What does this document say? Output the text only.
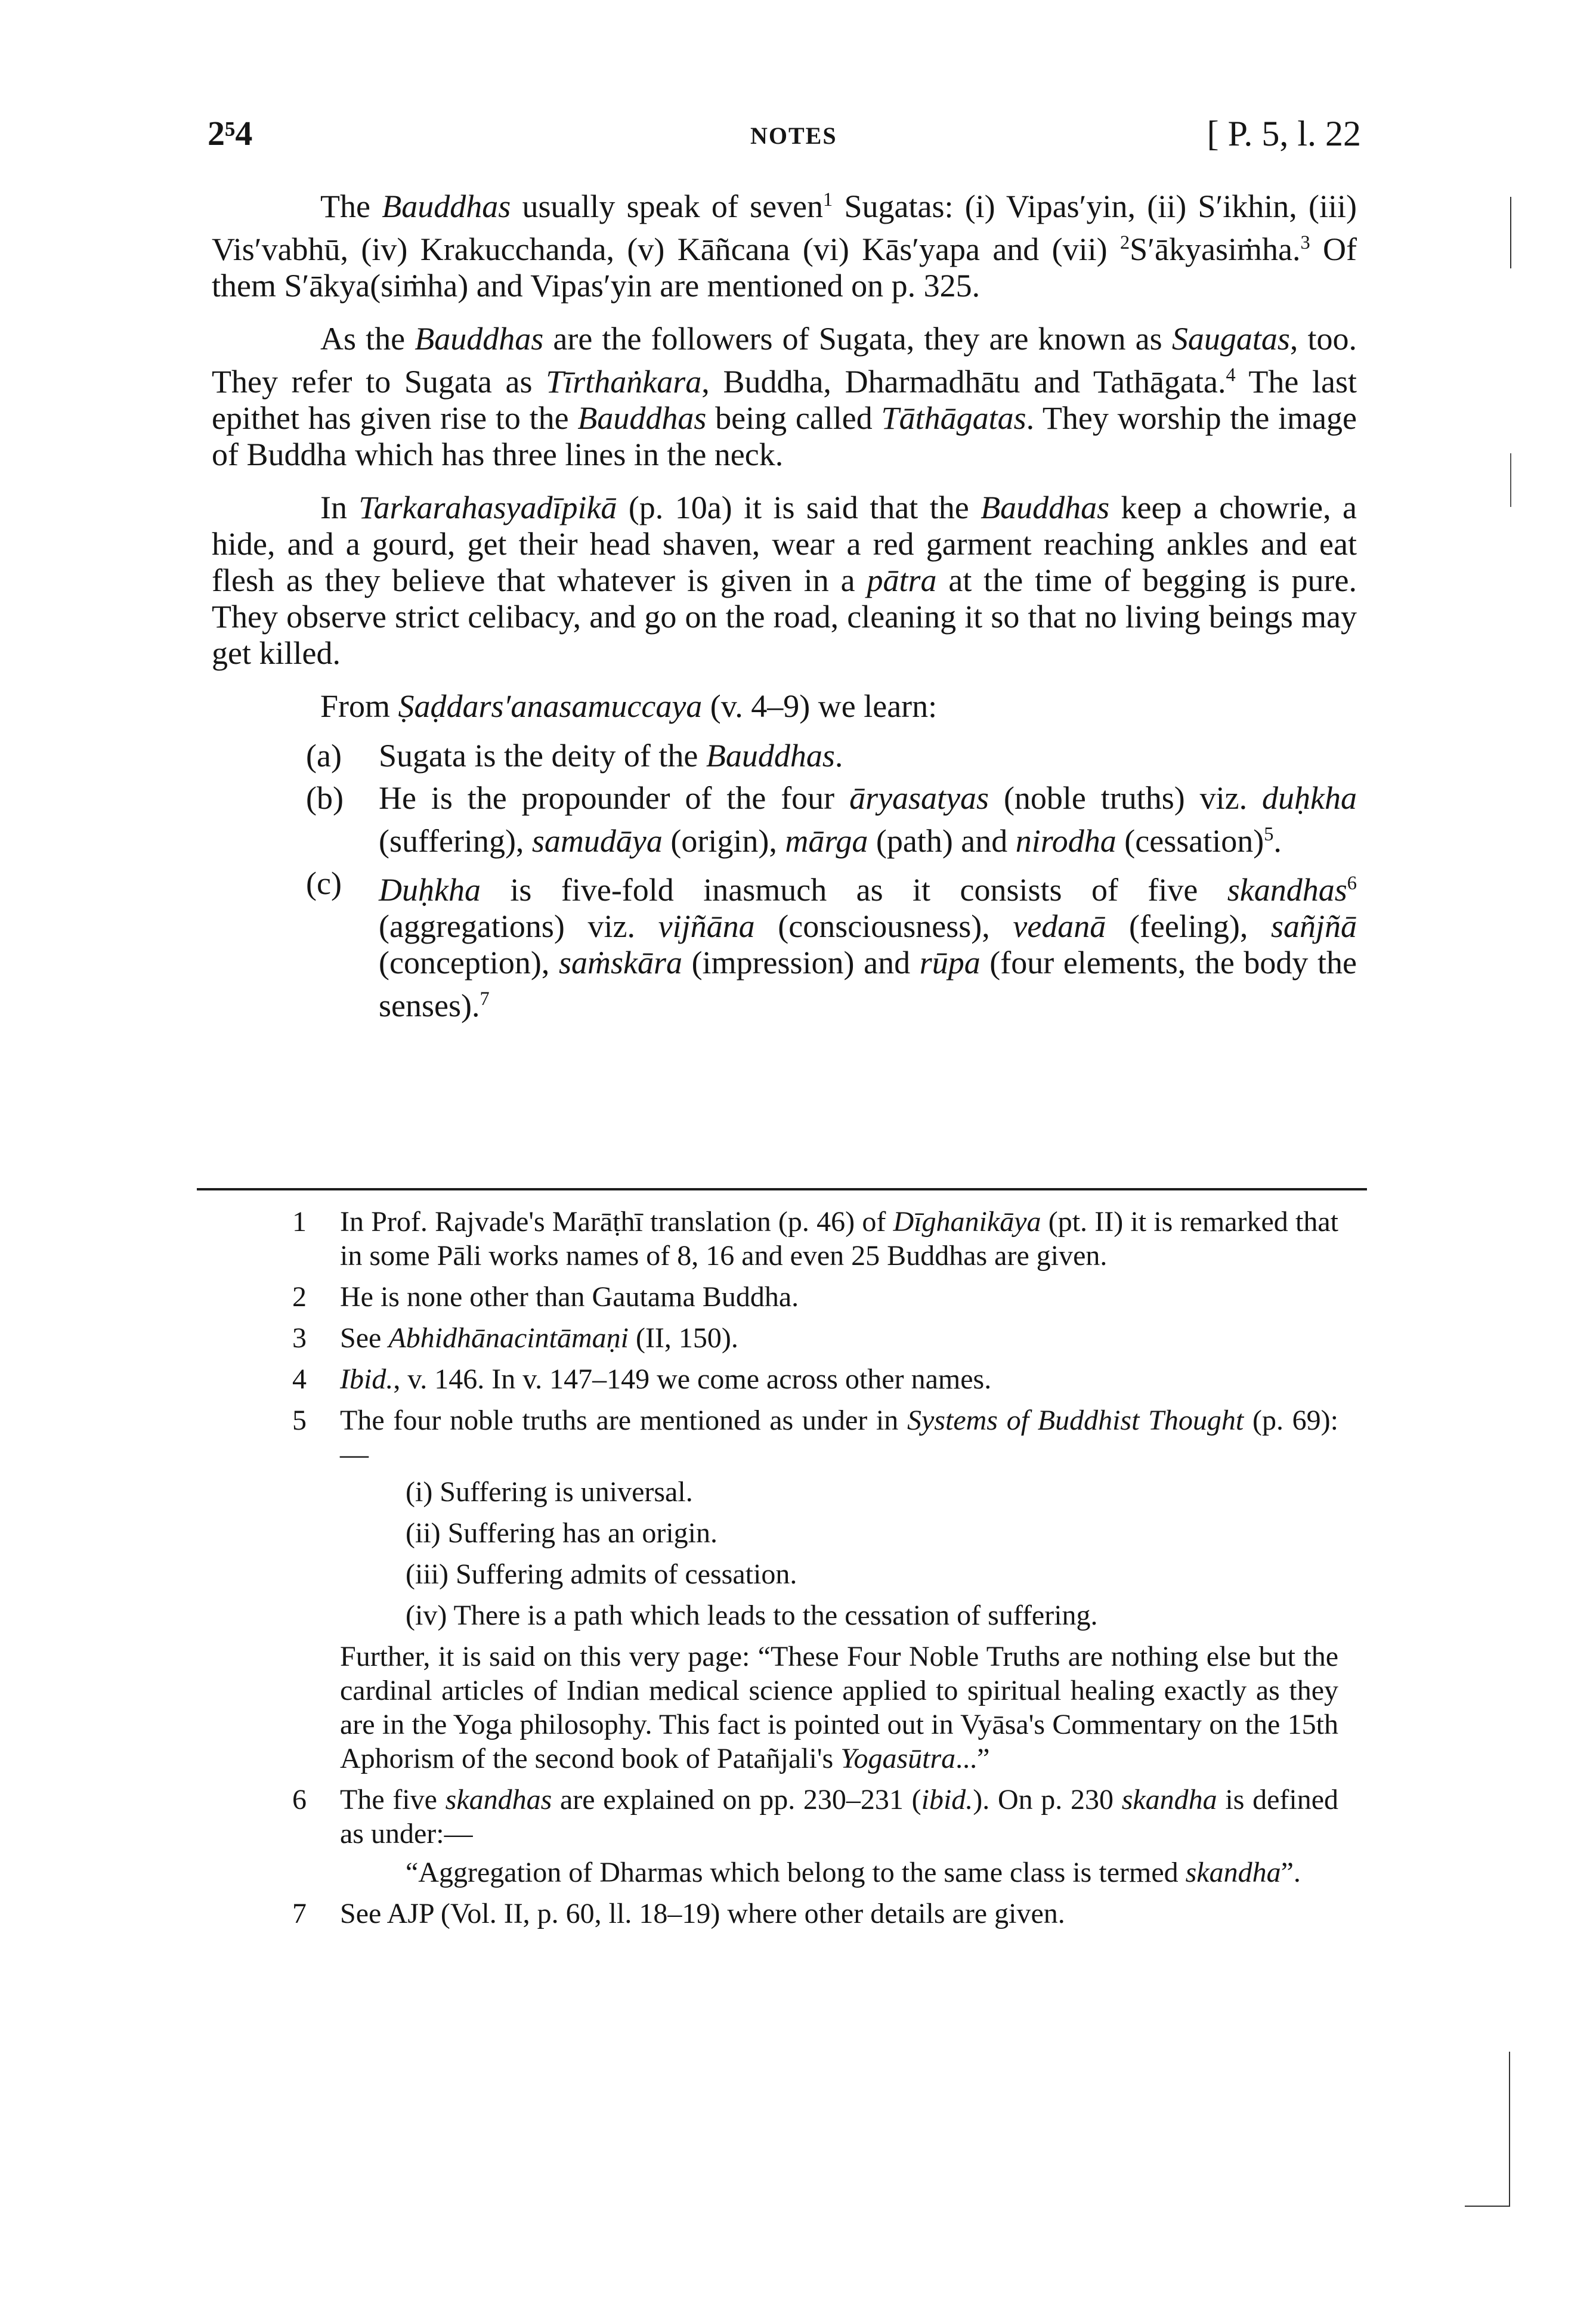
2⁵4	NOTES	[ P. 5, l. 22

The Bauddhas usually speak of seven$^1$ Sugatas: (i) Vipas′yin, (ii) S′ikhin, (iii) Vis′vabhū, (iv) Krakucchanda, (v) Kāñcana (vi) Kās′yapa and (vii) $^2$S′ākyasiṁha.$^3$ Of them S′ākya(siṁha) and Vipas′yin are mentioned on p. 325.

As the Bauddhas are the followers of Sugata, they are known as Saugatas, too. They refer to Sugata as Tīrthaṅkara, Buddha, Dharmadhātu and Tathāgata.$^4$ The last epithet has given rise to the Bauddhas being called Tāthāgatas. They worship the image of Buddha which has three lines in the neck.

In Tarkarahasyadīpikā (p. 10a) it is said that the Bauddhas keep a chowrie, a hide, and a gourd, get their head shaven, wear a red garment reaching ankles and eat flesh as they believe that whatever is given in a pātra at the time of begging is pure. They observe strict celibacy, and go on the road, cleaning it so that no living beings may get killed.

From Ṣaḍdars′anasamuccaya (v. 4–9) we learn:

(a) Sugata is the deity of the Bauddhas.
(b) He is the propounder of the four āryasatyas (noble truths) viz. duḥkha (suffering), samudāya (origin), mārga (path) and nirodha (cessation)$^5$.
(c) Duḥkha is five-fold inasmuch as it consists of five skandhas$^6$ (aggregations) viz. vijñāna (consciousness), vedanā (feeling), sañjñā (conception), saṁskāra (impression) and rūpa (four elements, the body the senses).$^7$
1 In Prof. Rajvade's Marāṭhī translation (p. 46) of Dīghanikāya (pt. II) it is remarked that in some Pāli works names of 8, 16 and even 25 Buddhas are given.
2 He is none other than Gautama Buddha.
3 See Abhidhānacintāmaṇi (II, 150).
4 Ibid., v. 146. In v. 147–149 we come across other names.
5 The four noble truths are mentioned as under in Systems of Buddhist Thought (p. 69):—
(i) Suffering is universal.
(ii) Suffering has an origin.
(iii) Suffering admits of cessation.
(iv) There is a path which leads to the cessation of suffering.

Further, it is said on this very page: “These Four Noble Truths are nothing else but the cardinal articles of Indian medical science applied to spiritual healing exactly as they are in the Yoga philosophy. This fact is pointed out in Vyāsa's Commentary on the 15th Aphorism of the second book of Patañjali's Yogasūtra...”

6 The five skandhas are explained on pp. 230–231 (ibid.). On p. 230 skandha is defined as under:—

“Aggregation of Dharmas which belong to the same class is termed skandha”.

7 See AJP (Vol. II, p. 60, ll. 18–19) where other details are given.
